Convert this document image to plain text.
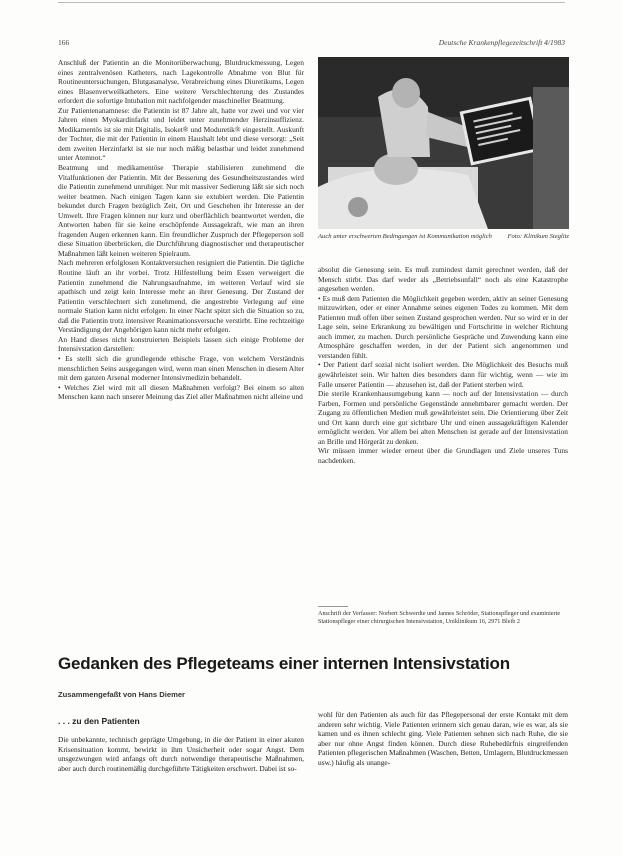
166	Deutsche Krankenpflegezeitschrift 4/1983

Anschluß der Patientin an die Monitorüberwachung, Blutdruckmessung, Legen eines zentralvenösen Katheters, nach Lagekontrolle Abnahme von Blut für Routineuntersuchungen, Blutgasanalyse, Verabreichung eines Diuretikums, Legen eines Blasenverweilkatheters. Eine weitere Verschlechterung des Zustandes erfordert die sofortige Intubation mit nachfolgender maschineller Beatmung.

Zur Patientenanamnese: die Patientin ist 87 Jahre alt, hatte vor zwei und vor vier Jahren einen Myokardinfarkt und leidet unter zunehmender Herzinsuffizienz. Medikamentös ist sie mit Digitalis, Isoket® und Moduretik® eingestellt. Auskunft der Tochter, die mit der Patientin in einem Haushalt lebt und diese versorgt: „Seit dem zweiten Herzinfarkt ist sie nur noch mäßig belastbar und leidet zunehmend unter Atemnot.“

Beatmung und medikamentöse Therapie stabilisieren zunehmend die Vitalfunktionen der Patientin. Mit der Besserung des Gesundheitszustandes wird die Patientin zunehmend unruhiger. Nur mit massiver Sedierung läßt sie sich noch weiter beatmen. Nach einigen Tagen kann sie extubiert werden. Die Patientin bekundet durch Fragen bezüglich Zeit, Ort und Geschehen ihr Interesse an der Umwelt. Ihre Fragen können nur kurz und oberflächlich beantwortet werden, die Antworten haben für sie keine erschöpfende Aussagekraft, wie man an ihren fragenden Augen erkennen kann. Ein freundlicher Zuspruch der Pflegeperson soll diese Situation überbrücken, die Durchführung diagnostischer und therapeutischer Maßnahmen läßt keinen weiteren Spielraum.

Nach mehreren erfolglosen Kontaktversuchen resigniert die Patientin. Die tägliche Routine läuft an ihr vorbei. Trotz Hilfestellung beim Essen verweigert die Patientin zunehmend die Nahrungsaufnahme, im weiteren Verlauf wird sie apathisch und zeigt kein Interesse mehr an ihrer Genesung. Der Zustand der Patientin verschlechtert sich zunehmend, die angestrebte Verlegung auf eine normale Station kann nicht erfolgen. In einer Nacht spitzt sich die Situation so zu, daß die Patientin trotz intensiver Reanimationsversuche verstirbt. Eine rechtzeitige Verständigung der Angehörigen kann nicht mehr erfolgen.

An Hand dieses nicht konstruierten Beispiels lassen sich einige Probleme der Intensivstation darstellen:

• Es stellt sich die grundlegende ethische Frage, von welchem Verständnis menschlichen Seins ausgegangen wird, wenn man einen Menschen in diesem Alter mit dem ganzen Arsenal moderner Intensivmedizin behandelt.

• Welches Ziel wird mit all diesen Maßnahmen verfolgt? Bei einem so alten Menschen kann nach unserer Meinung das Ziel aller Maßnahmen nicht alleine und

Auch unter erschwerten Bedingungen ist Kommunikation möglich Foto: Klinikum Steglitz

absolut die Genesung sein. Es muß zumindest damit gerechnet werden, daß der Mensch stirbt. Das darf weder als „Betriebsunfall“ noch als eine Katastrophe angesehen werden.

• Es muß dem Patienten die Möglichkeit gegeben werden, aktiv an seiner Genesung mitzuwirken, oder er einer Annahme seines eigenen Todes zu kommen. Mit dem Patienten muß offen über seinen Zustand gesprochen werden. Nur so wird er in der Lage sein, seine Erkrankung zu bewältigen und Fortschritte in welcher Richtung auch immer, zu machen. Durch persönliche Gespräche und Zuwendung kann eine Atmosphäre geschaffen werden, in der der Patient sich angenommen und verstanden fühlt.

• Der Patient darf sozial nicht isoliert werden. Die Möglichkeit des Besuchs muß gewährleistet sein. Wir halten dies besonders dann für wichtig, wenn — wie im Falle unserer Patientin — abzusehen ist, daß der Patient sterben wird.

Die sterile Krankenhausumgebung kann — noch auf der Intensivstation — durch Farben, Formen und persönliche Gegenstände annehmbarer gemacht werden. Der Zugang zu öffentlichen Medien muß gewährleistet sein. Die Orientierung über Zeit und Ort kann durch eine gut sichtbare Uhr und einen aussagekräftigen Kalender ermöglicht werden. Vor allem bei alten Menschen ist gerade auf der Intensivstation an Brille und Hörgerät zu denken.

Wir müssen immer wieder erneut über die Grundlagen und Ziele unseres Tuns nachdenken.

Anschrift der Verfasser: Norbert Schwerdte und Jannes Schröder, Stationspfleger und examinierte Stationspfleger einer chirurgischen Intensivstation, Uniklinikum 16, 2971 Bleib 2
Gedanken des Pflegeteams einer internen Intensivstation
Zusammengefaßt von Hans Diemer
. . . zu den Patienten

Die unbekannte, technisch geprägte Umgebung, in die der Patient in einer akuten Krisensituation kommt, bewirkt in ihm Unsicherheit oder sogar Angst. Dem unsgezwungen wird anfangs oft durch notwendige therapeutische Maßnahmen, aber auch durch routinemäßig durchgeführte Tätigkeiten erschwert. Dabei ist so-

wohl für den Patienten als auch für das Pflegepersonal der erste Kontakt mit dem anderen sehr wichtig. Viele Patienten erinnern sich genau daran, wie es war, als sie kamen und es ihnen schlecht ging. Viele Patienten sehnen sich nach Ruhe, die sie aber nur ohne Angst finden können. Durch diese Ruhebedürfnis eingreifenden Patienten pflegerischen Maßnahmen (Waschen, Betten, Umlagern, Blutdruckmessen usw.) häufig als unange-
